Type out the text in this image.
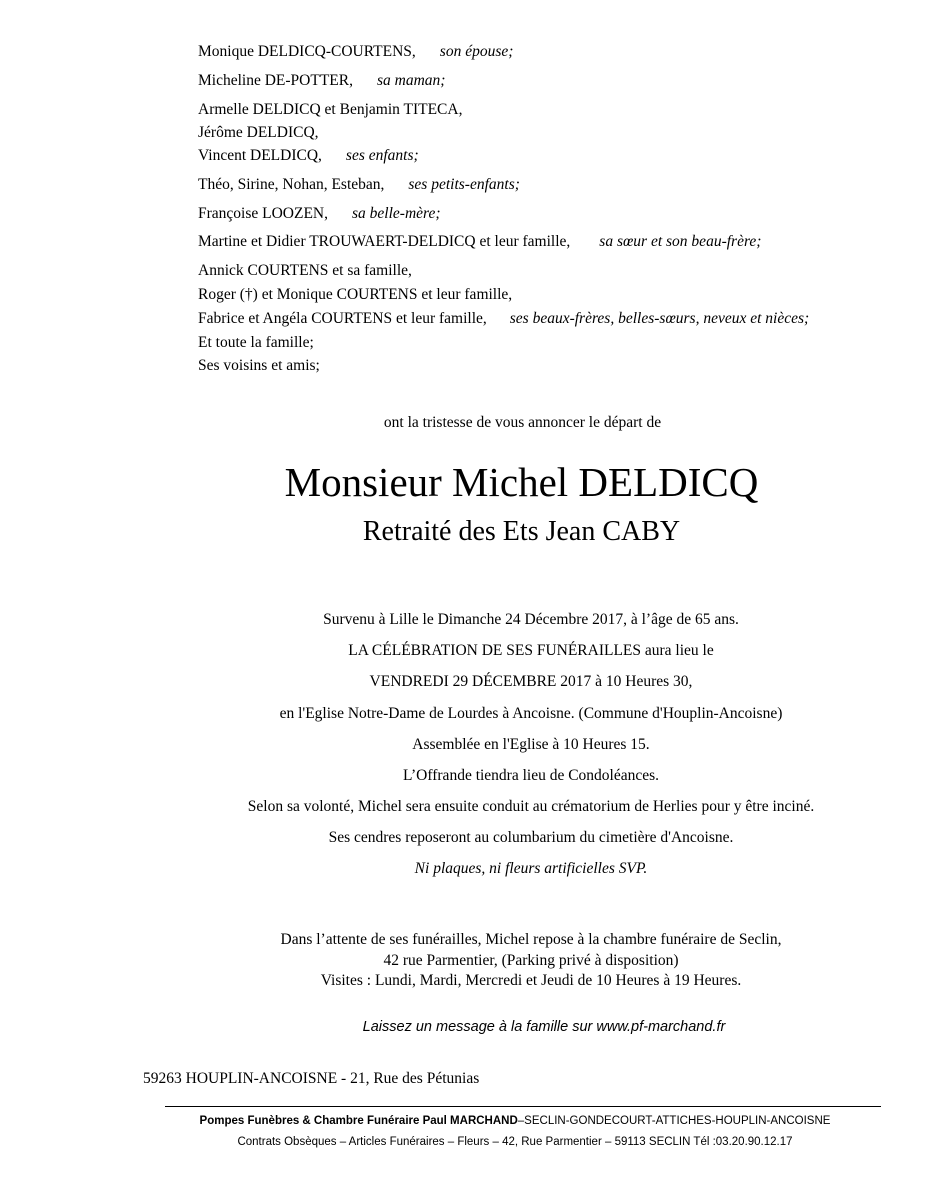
Monique DELDICQ-COURTENS, son épouse;
Micheline DE-POTTER, sa maman;
Armelle DELDICQ et Benjamin TITECA,
Jérôme DELDICQ,
Vincent DELDICQ, ses enfants;
Théo, Sirine, Nohan, Esteban, ses petits-enfants;
Françoise LOOZEN, sa belle-mère;
Martine et Didier TROUWAERT-DELDICQ et leur famille, sa sœur et son beau-frère;
Annick COURTENS et sa famille,
Roger (†) et Monique COURTENS et leur famille,
Fabrice et Angéla COURTENS et leur famille, ses beaux-frères, belles-sœurs, neveux et nièces;
Et toute la famille;
Ses voisins et amis;
ont la tristesse de vous annoncer le départ de
Monsieur Michel DELDICQ
Retraité des Ets Jean CABY
Survenu à Lille le Dimanche 24 Décembre 2017, à l’âge de 65 ans.
LA CÉLÉBRATION DE SES FUNÉRAILLES aura lieu le
VENDREDI 29 DÉCEMBRE 2017 à 10 Heures 30,
en l'Eglise Notre-Dame de Lourdes à Ancoisne. (Commune d'Houplin-Ancoisne)
Assemblée en l'Eglise à 10 Heures 15.
L’Offrande tiendra lieu de Condoléances.
Selon sa volonté, Michel sera ensuite conduit au crématorium de Herlies pour y être inciné.
Ses cendres reposeront au columbarium du cimetière d'Ancoisne.
Ni plaques, ni fleurs artificielles SVP.
Dans l’attente de ses funérailles, Michel repose à la chambre funéraire de Seclin,
42 rue Parmentier, (Parking privé à disposition)
Visites : Lundi, Mardi, Mercredi et Jeudi de 10 Heures à 19 Heures.
Laissez un message à la famille sur www.pf-marchand.fr
59263 HOUPLIN-ANCOISNE - 21, Rue des Pétunias
Pompes Funèbres & Chambre Funéraire Paul MARCHAND–SECLIN-GONDECOURT-ATTICHES-HOUPLIN-ANCOISNE
Contrats Obsèques – Articles Funéraires – Fleurs – 42, Rue Parmentier – 59113 SECLIN Tél :03.20.90.12.17
